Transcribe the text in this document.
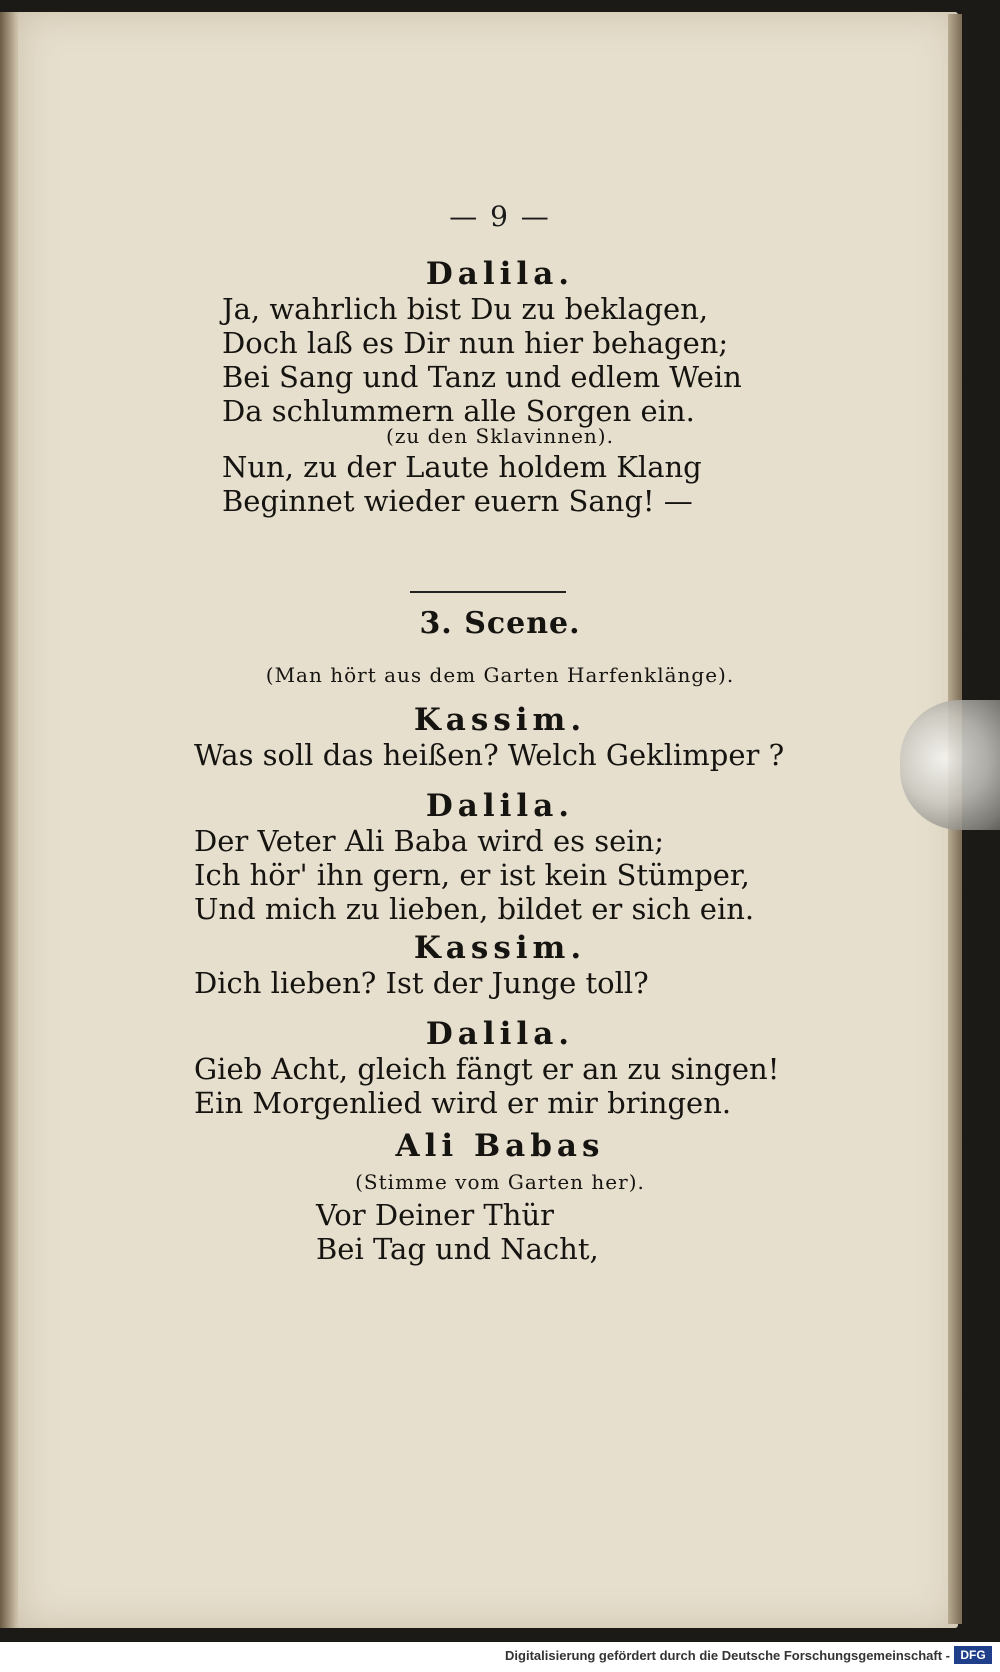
— 9 —
Dalila.
Ja, wahrlich bist Du zu beklagen,
Doch laß es Dir nun hier behagen;
Bei Sang und Tanz und edlem Wein
Da schlummern alle Sorgen ein.
(zu den Sklavinnen).
Nun, zu der Laute holdem Klang
Beginnet wieder euern Sang! —
3. Scene.
(Man hört aus dem Garten Harfenklänge).
Kassim.
Was soll das heißen? Welch Geklimper ?
Dalila.
Der Veter Ali Baba wird es sein;
Ich hör' ihn gern, er ist kein Stümper,
Und mich zu lieben, bildet er sich ein.
Kassim.
Dich lieben? Ist der Junge toll?
Dalila.
Gieb Acht, gleich fängt er an zu singen!
Ein Morgenlied wird er mir bringen.
Ali Babas
(Stimme vom Garten her).
Vor Deiner Thür
Bei Tag und Nacht,
Digitalisierung gefördert durch die Deutsche Forschungsgemeinschaft - DFG
